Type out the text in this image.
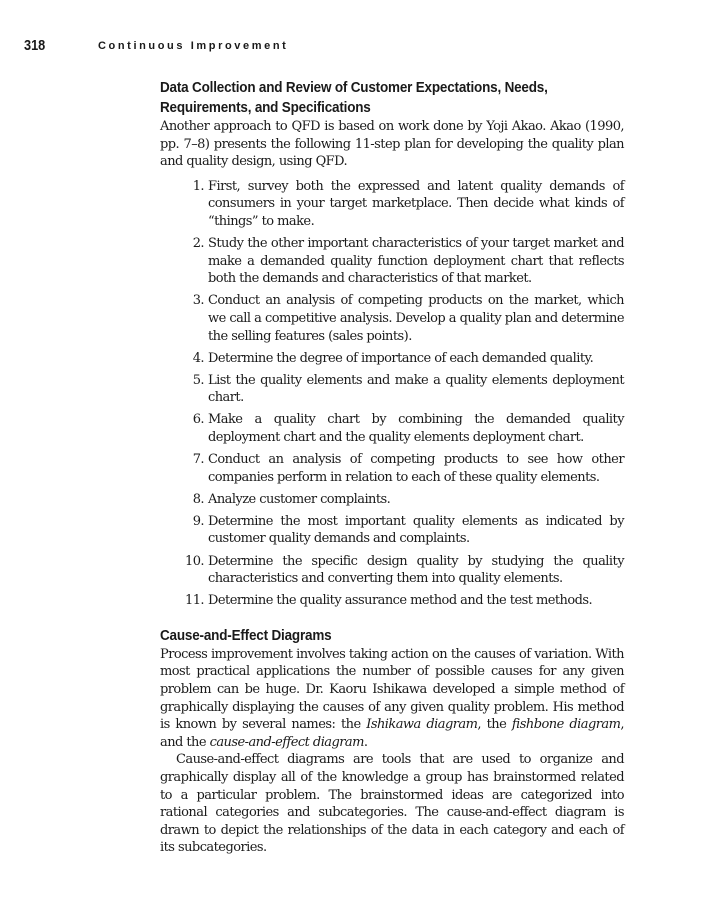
318	Continuous Improvement
Data Collection and Review of Customer Expectations, Needs, Requirements, and Specifications

Another approach to QFD is based on work done by Yoji Akao. Akao (1990, pp. 7–8) presents the following 11-step plan for developing the quality plan and quality design, using QFD.

1. First, survey both the expressed and latent quality demands of consumers in your target marketplace. Then decide what kinds of “things” to make.
2. Study the other important characteristics of your target market and make a demanded quality function deployment chart that reflects both the demands and characteristics of that market.
3. Conduct an analysis of competing products on the market, which we call a competitive analysis. Develop a quality plan and determine the selling features (sales points).
4. Determine the degree of importance of each demanded quality.
5. List the quality elements and make a quality elements deployment chart.
6. Make a quality chart by combining the demanded quality deployment chart and the quality elements deployment chart.
7. Conduct an analysis of competing products to see how other companies perform in relation to each of these quality elements.
8. Analyze customer complaints.
9. Determine the most important quality elements as indicated by customer quality demands and complaints.
10. Determine the specific design quality by studying the quality characteristics and converting them into quality elements.
11. Determine the quality assurance method and the test methods.
Cause-and-Effect Diagrams

Process improvement involves taking action on the causes of variation. With most practical applications the number of possible causes for any given problem can be huge. Dr. Kaoru Ishikawa developed a simple method of graphically displaying the causes of any given quality problem. His method is known by several names: the Ishikawa diagram, the fishbone diagram, and the cause-and-effect diagram.

Cause-and-effect diagrams are tools that are used to organize and graphically display all of the knowledge a group has brainstormed related to a particular problem. The brainstormed ideas are categorized into rational categories and subcategories. The cause-and-effect diagram is drawn to depict the relationships of the data in each category and each of its subcategories.
